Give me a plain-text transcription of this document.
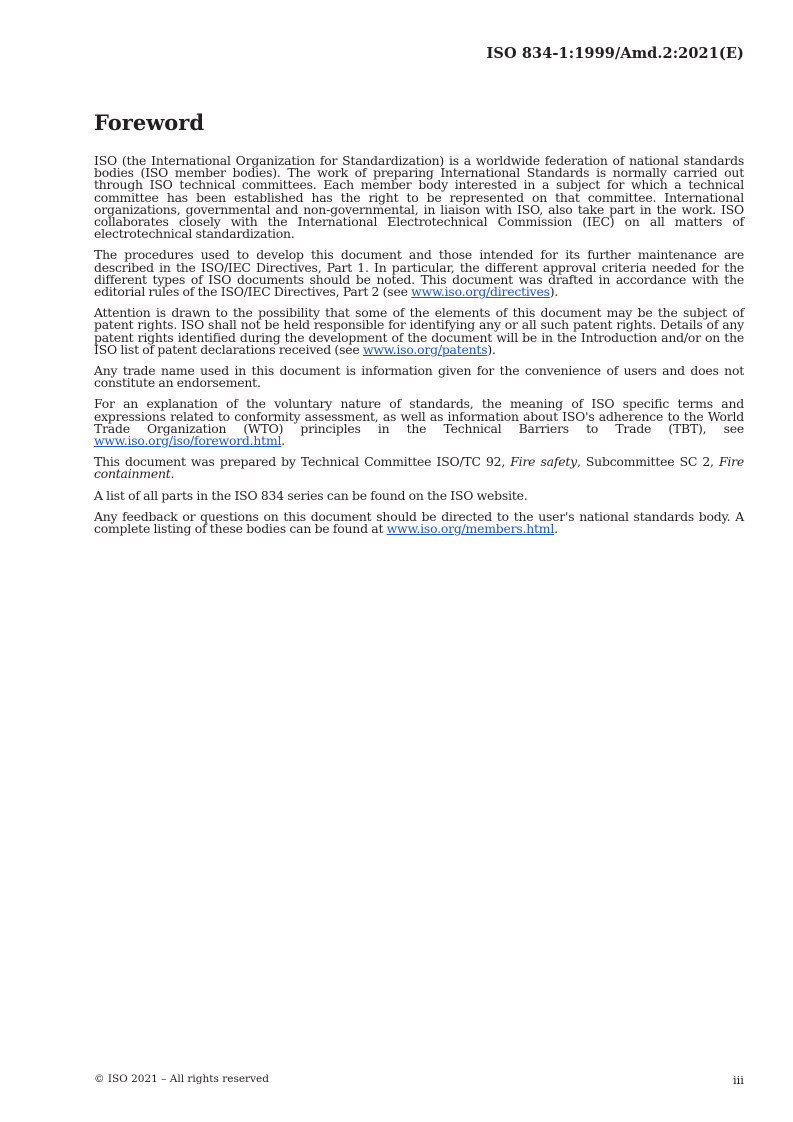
ISO 834-1:1999/Amd.2:2021(E)
Foreword

ISO (the International Organization for Standardization) is a worldwide federation of national standards bodies (ISO member bodies). The work of preparing International Standards is normally carried out through ISO technical committees. Each member body interested in a subject for which a technical committee has been established has the right to be represented on that committee. International organizations, governmental and non-governmental, in liaison with ISO, also take part in the work. ISO collaborates closely with the International Electrotechnical Commission (IEC) on all matters of electrotechnical standardization.

The procedures used to develop this document and those intended for its further maintenance are described in the ISO/IEC Directives, Part 1. In particular, the different approval criteria needed for the different types of ISO documents should be noted. This document was drafted in accordance with the editorial rules of the ISO/IEC Directives, Part 2 (see www.iso.org/directives).

Attention is drawn to the possibility that some of the elements of this document may be the subject of patent rights. ISO shall not be held responsible for identifying any or all such patent rights. Details of any patent rights identified during the development of the document will be in the Introduction and/or on the ISO list of patent declarations received (see www.iso.org/patents).

Any trade name used in this document is information given for the convenience of users and does not constitute an endorsement.

For an explanation of the voluntary nature of standards, the meaning of ISO specific terms and expressions related to conformity assessment, as well as information about ISO's adherence to the World Trade Organization (WTO) principles in the Technical Barriers to Trade (TBT), see www.iso.org/iso/foreword.html.

This document was prepared by Technical Committee ISO/TC 92, Fire safety, Subcommittee SC 2, Fire containment.

A list of all parts in the ISO 834 series can be found on the ISO website.

Any feedback or questions on this document should be directed to the user's national standards body. A complete listing of these bodies can be found at www.iso.org/members.html.

© ISO 2021 – All rights reserved	iii
